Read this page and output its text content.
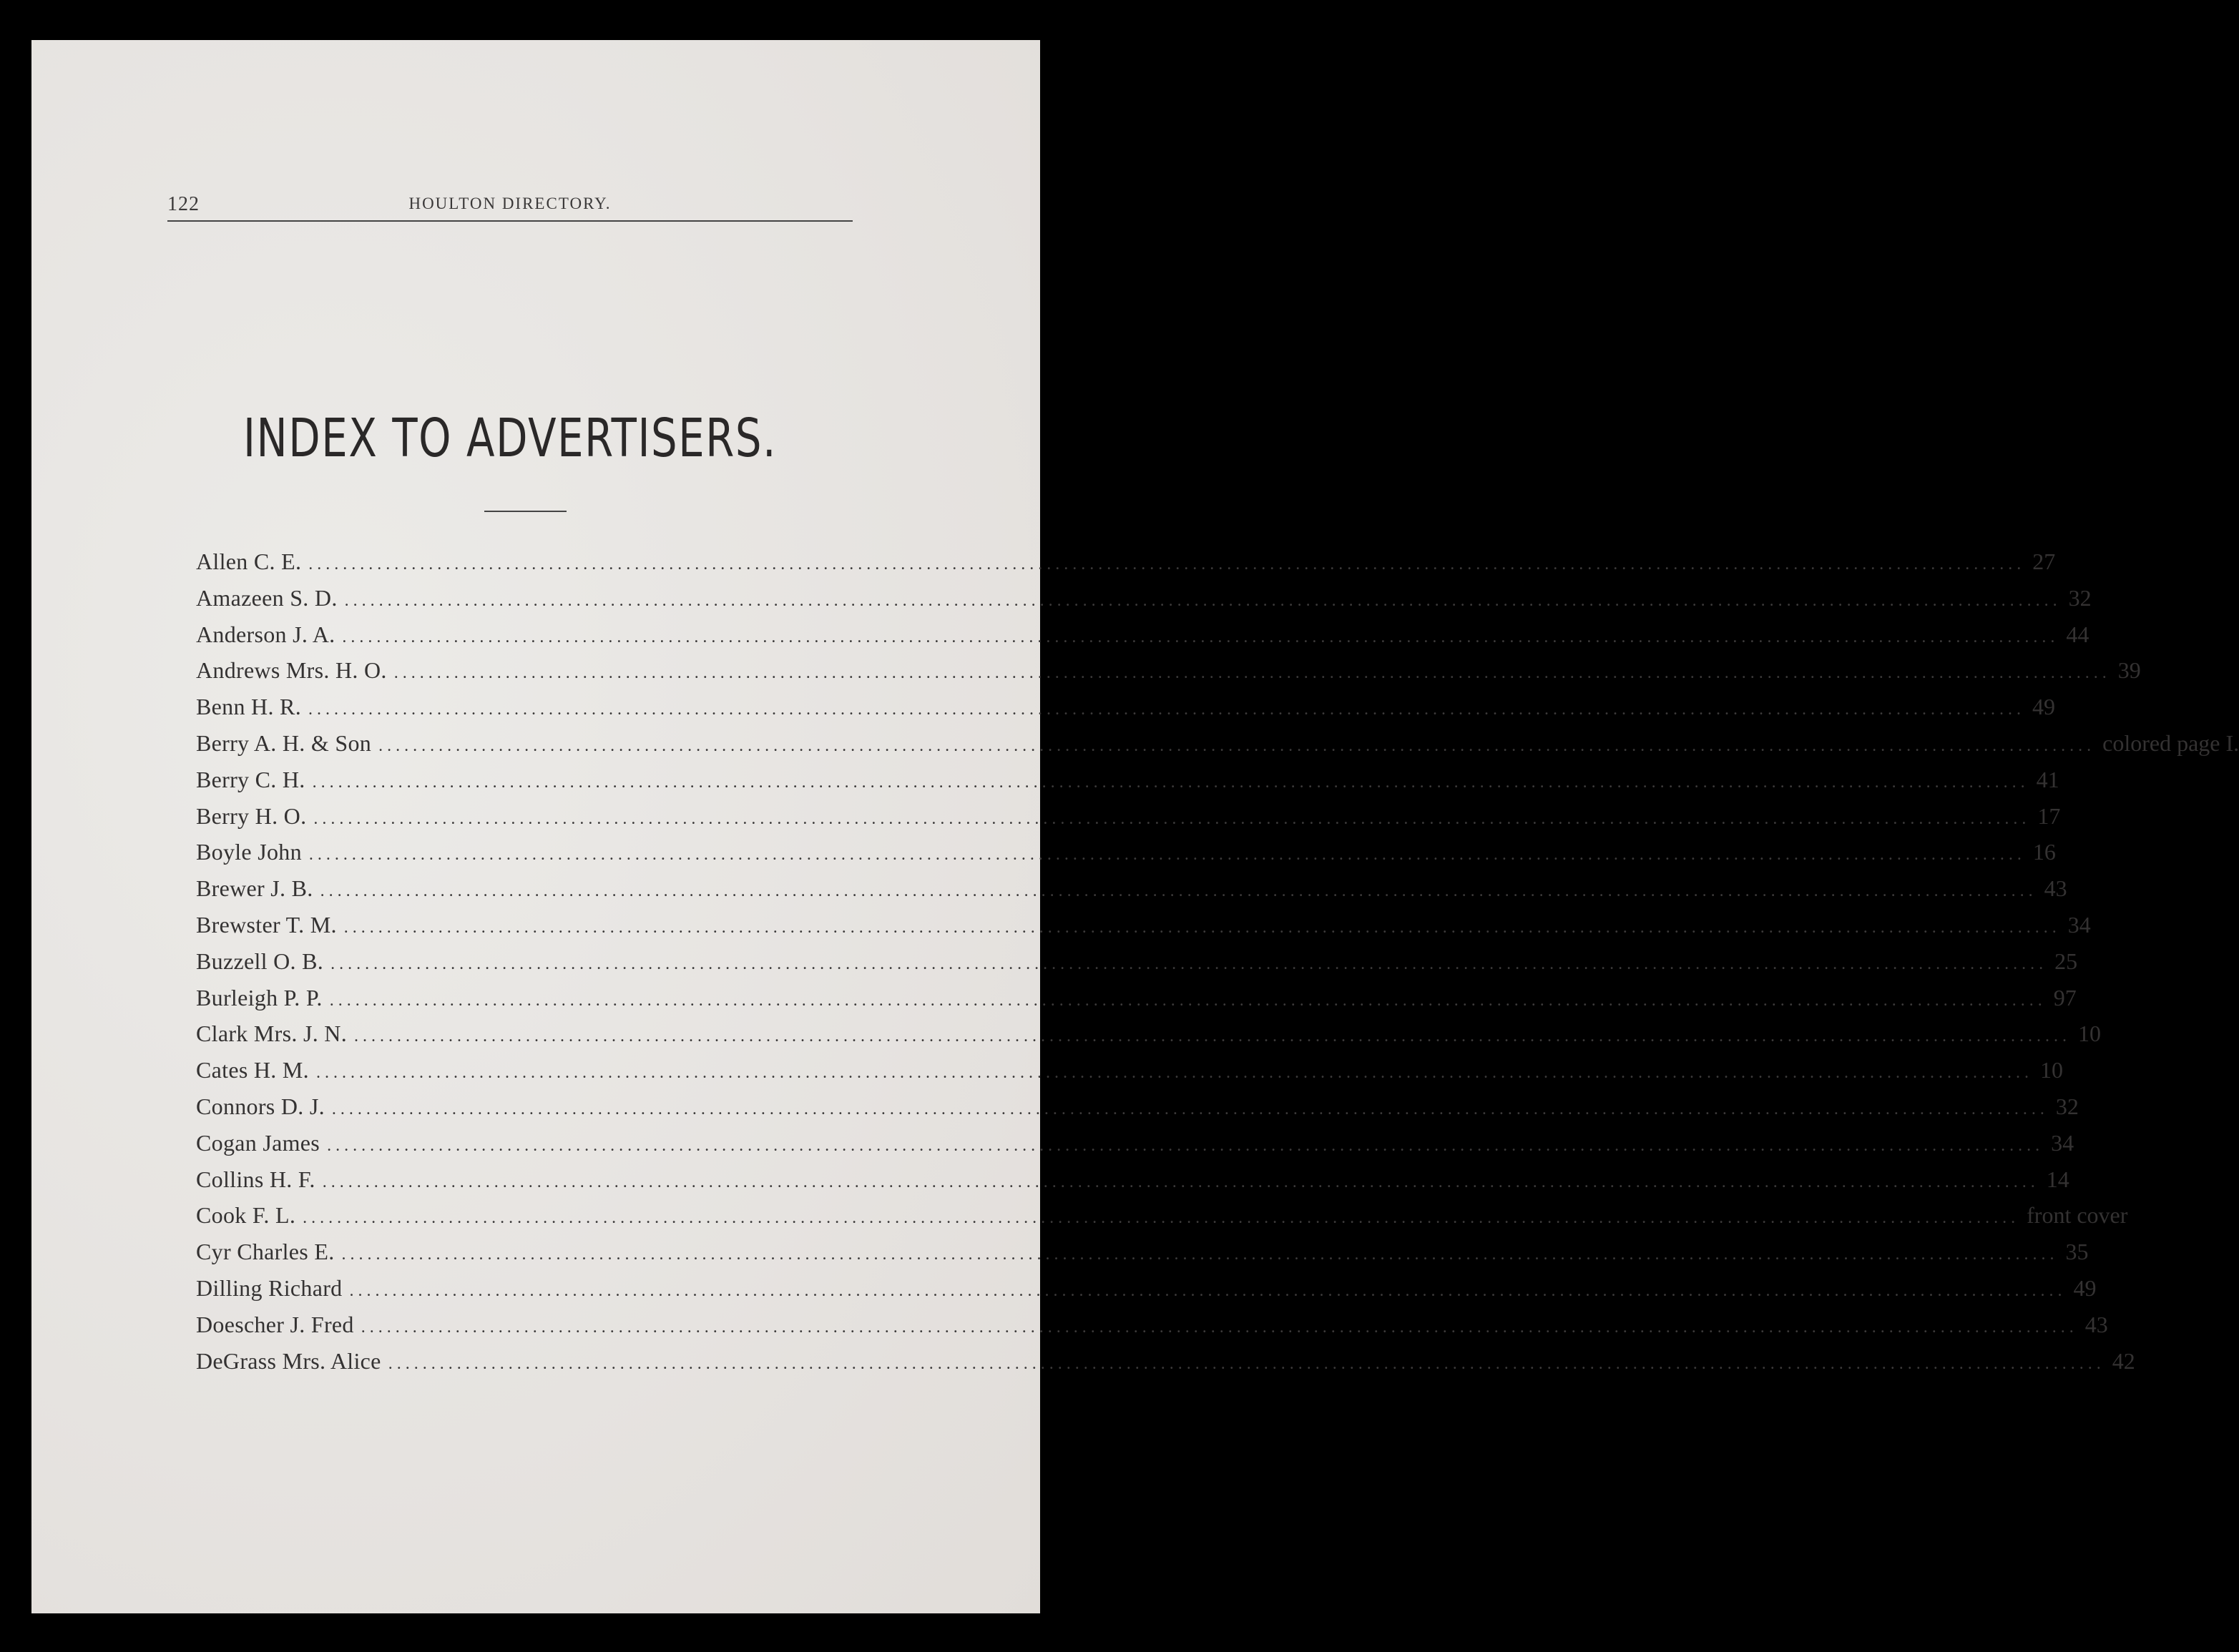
122	HOULTON DIRECTORY.
INDEX TO ADVERTISERS.
Allen C. E. ........................................................................................................................................................................................................ 27
Amazeen S. D. ........................................................................................................................................................................................................ 32
Anderson J. A. ........................................................................................................................................................................................................ 44
Andrews Mrs. H. O. ........................................................................................................................................................................................................ 39
Benn H. R. ........................................................................................................................................................................................................ 49
Berry A. H. & Son ........................................................................................................................................................................................................ colored page I.
Berry C. H. ........................................................................................................................................................................................................ 41
Berry H. O. ........................................................................................................................................................................................................ 17
Boyle John ........................................................................................................................................................................................................ 16
Brewer J. B. ........................................................................................................................................................................................................ 43
Brewster T. M. ........................................................................................................................................................................................................ 34
Buzzell O. B. ........................................................................................................................................................................................................ 25
Burleigh P. P. ........................................................................................................................................................................................................ 97
Clark Mrs. J. N. ........................................................................................................................................................................................................ 10
Cates H. M. ........................................................................................................................................................................................................ 10
Connors D. J. ........................................................................................................................................................................................................ 32
Cogan James ........................................................................................................................................................................................................ 34
Collins H. F. ........................................................................................................................................................................................................ 14
Cook F. L. ........................................................................................................................................................................................................ front cover
Cyr Charles E. ........................................................................................................................................................................................................ 35
Dilling Richard ........................................................................................................................................................................................................ 49
Doescher J. Fred ........................................................................................................................................................................................................ 43
DeGrass Mrs. Alice ........................................................................................................................................................................................................ 42
